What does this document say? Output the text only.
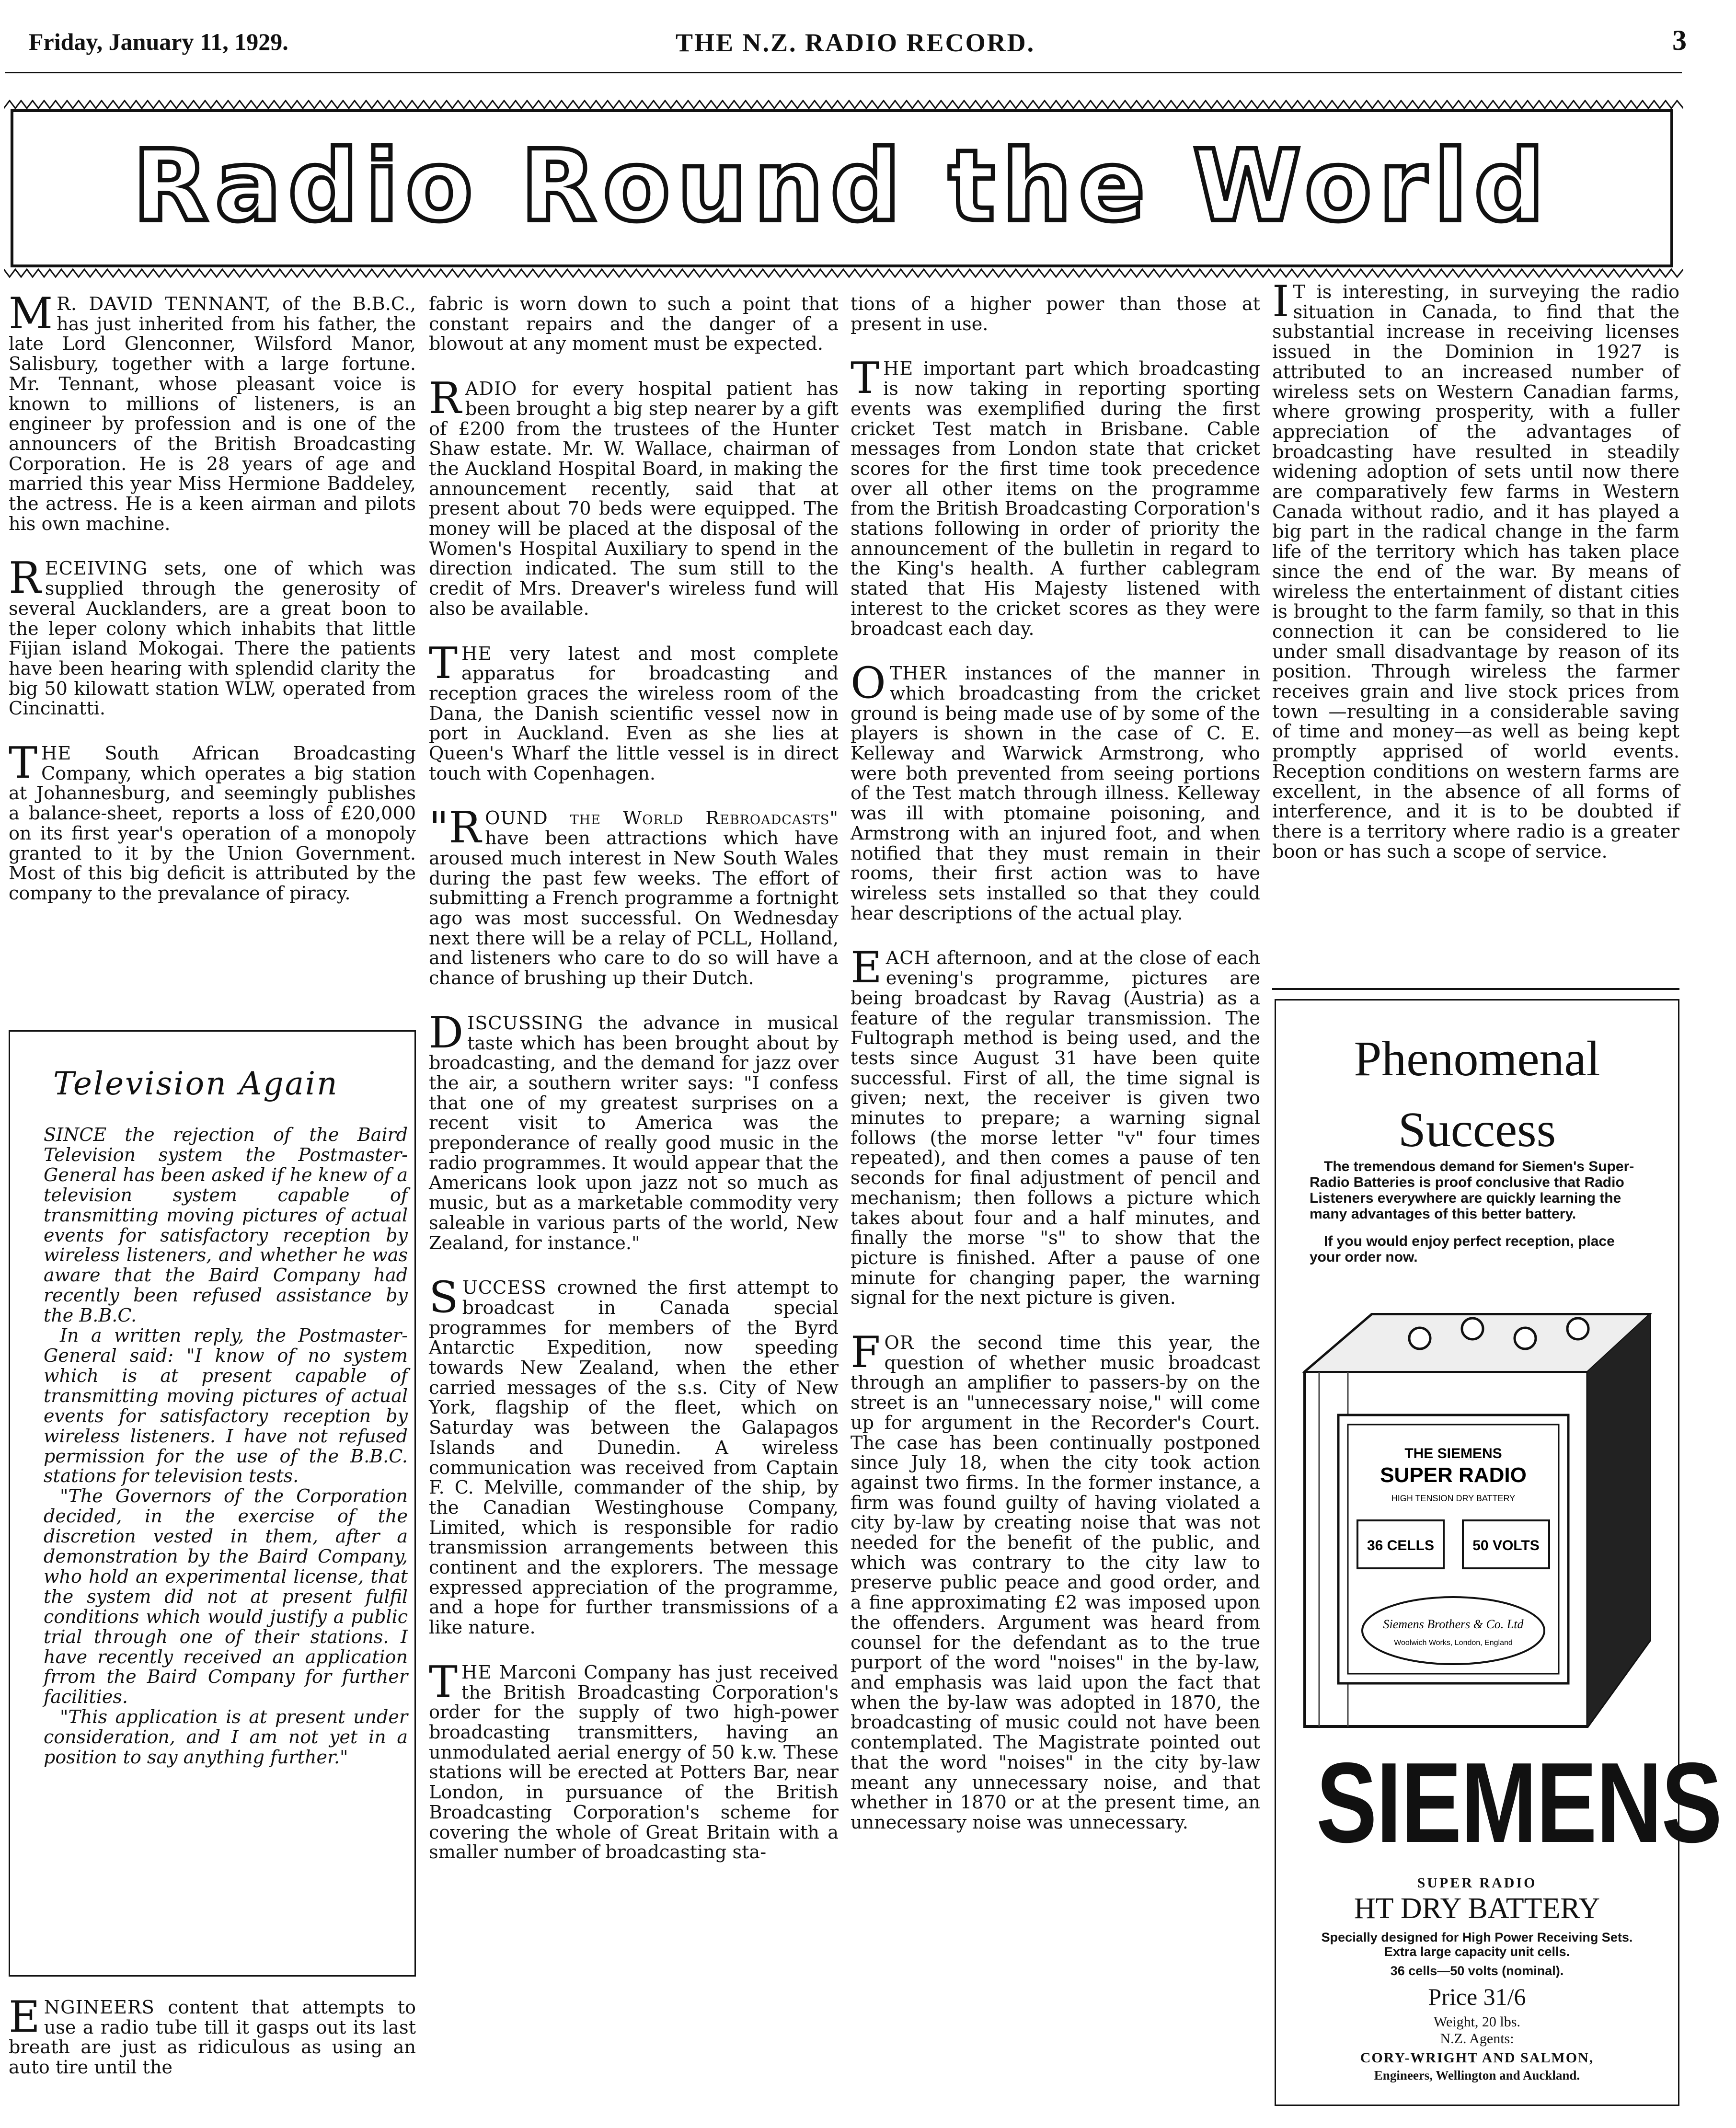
Friday, January 11, 1929.	THE N.Z. RADIO RECORD.	3
Radio Round the World

M R. DAVID TENNANT, of the B.B.C., has just inherited from his father, the late Lord Glenconner, Wilsford Manor, Salisbury, together with a large fortune. Mr. Tennant, whose pleasant voice is known to millions of listeners, is an engineer by profession and is one of the announcers of the British Broadcasting Corporation. He is 28 years of age and married this year Miss Hermione Baddeley, the actress. He is a keen airman and pilots his own machine.

RECEIVING sets, one of which was supplied through the generosity of several Aucklanders, are a great boon to the leper colony which inhabits that little Fijian island Mokogai. There the patients have been hearing with splendid clarity the big 50 kilowatt station WLW, operated from Cincinatti.

THE South African Broadcasting Company, which operates a big station at Johannesburg, and seemingly publishes a balance-sheet, reports a loss of £20,000 on its first year's operation of a monopoly granted to it by the Union Government. Most of this big deficit is attributed by the company to the prevalance of piracy.

Television Again

SINCE the rejection of the Baird Television system the Postmaster-General has been asked if he knew of a television system capable of transmitting moving pictures of actual events for satisfactory reception by wireless listeners, and whether he was aware that the Baird Company had recently been refused assistance by the B.B.C.

In a written reply, the Postmaster-General said: "I know of no system which is at present capable of transmitting moving pictures of actual events for satisfactory reception by wireless listeners. I have not refused permission for the use of the B.B.C. stations for television tests.

"The Governors of the Corporation decided, in the exercise of the discretion vested in them, after a demonstration by the Baird Company, who hold an experimental license, that the system did not at present fulfil conditions which would justify a public trial through one of their stations. I have recently received an application frrom the Baird Company for further facilities.

"This application is at present under consideration, and I am not yet in a position to say anything further."

ENGINEERS content that attempts to use a radio tube till it gasps out its last breath are just as ridiculous as using an auto tire until the

fabric is worn down to such a point that constant repairs and the danger of a blowout at any moment must be expected.

RADIO for every hospital patient has been brought a big step nearer by a gift of £200 from the trustees of the Hunter Shaw estate. Mr. W. Wallace, chairman of the Auckland Hospital Board, in making the announcement recently, said that at present about 70 beds were equipped. The money will be placed at the disposal of the Women's Hospital Auxiliary to spend in the direction indicated. The sum still to the credit of Mrs. Dreaver's wireless fund will also be available.

THE very latest and most complete apparatus for broadcasting and reception graces the wireless room of the Dana, the Danish scientific vessel now in port in Auckland. Even as she lies at Queen's Wharf the little vessel is in direct touch with Copenhagen.

"ROUND the World Rebroadcasts" have been attractions which have aroused much interest in New South Wales during the past few weeks. The effort of submitting a French programme a fortnight ago was most successful. On Wednesday next there will be a relay of PCLL, Holland, and listeners who care to do so will have a chance of brushing up their Dutch.

DISCUSSING the advance in musical taste which has been brought about by broadcasting, and the demand for jazz over the air, a southern writer says: "I confess that one of my greatest surprises on a recent visit to America was the preponderance of really good music in the radio programmes. It would appear that the Americans look upon jazz not so much as music, but as a marketable commodity very saleable in various parts of the world, New Zealand, for instance."

SUCCESS crowned the first attempt to broadcast in Canada special programmes for members of the Byrd Antarctic Expedition, now speeding towards New Zealand, when the ether carried messages of the s.s. City of New York, flagship of the fleet, which on Saturday was between the Galapagos Islands and Dunedin. A wireless communication was received from Captain F. C. Melville, commander of the ship, by the Canadian Westinghouse Company, Limited, which is responsible for radio transmission arrangements between this continent and the explorers. The message expressed appreciation of the programme, and a hope for further transmissions of a like nature.

THE Marconi Company has just received the British Broadcasting Corporation's order for the supply of two high-power broadcasting transmitters, having an unmodulated aerial energy of 50 k.w. These stations will be erected at Potters Bar, near London, in pursuance of the British Broadcasting Corporation's scheme for covering the whole of Great Britain with a smaller number of broadcasting sta-

tions of a higher power than those at present in use.

THE important part which broadcasting is now taking in reporting sporting events was exemplified during the first cricket Test match in Brisbane. Cable messages from London state that cricket scores for the first time took precedence over all other items on the programme from the British Broadcasting Corporation's stations following in order of priority the announcement of the bulletin in regard to the King's health. A further cablegram stated that His Majesty listened with interest to the cricket scores as they were broadcast each day.

OTHER instances of the manner in which broadcasting from the cricket ground is being made use of by some of the players is shown in the case of C. E. Kelleway and Warwick Armstrong, who were both prevented from seeing portions of the Test match through illness. Kelleway was ill with ptomaine poisoning, and Armstrong with an injured foot, and when notified that they must remain in their rooms, their first action was to have wireless sets installed so that they could hear descriptions of the actual play.

EACH afternoon, and at the close of each evening's programme, pictures are being broadcast by Ravag (Austria) as a feature of the regular transmission. The Fultograph method is being used, and the tests since August 31 have been quite successful. First of all, the time signal is given; next, the receiver is given two minutes to prepare; a warning signal follows (the morse letter "v" four times repeated), and then comes a pause of ten seconds for final adjustment of pencil and mechanism; then follows a picture which takes about four and a half minutes, and finally the morse "s" to show that the picture is finished. After a pause of one minute for changing paper, the warning signal for the next picture is given.

FOR the second time this year, the question of whether music broadcast through an amplifier to passers-by on the street is an "unnecessary noise," will come up for argument in the Recorder's Court. The case has been continually postponed since July 18, when the city took action against two firms. In the former instance, a firm was found guilty of having violated a city by-law by creating noise that was not needed for the benefit of the public, and which was contrary to the city law to preserve public peace and good order, and a fine approximating £2 was imposed upon the offenders. Argument was heard from counsel for the defendant as to the true purport of the word "noises" in the by-law, and emphasis was laid upon the fact that when the by-law was adopted in 1870, the broadcasting of music could not have been contemplated. The Magistrate pointed out that the word "noises" in the city by-law meant any unnecessary noise, and that whether in 1870 or at the present time, an unnecessary noise was unnecessary.

I T is interesting, in surveying the radio situation in Canada, to find that the substantial increase in receiving licenses issued in the Dominion in 1927 is attributed to an increased number of wireless sets on Western Canadian farms, where growing prosperity, with a fuller appreciation of the advantages of broadcasting have resulted in steadily widening adoption of sets until now there are comparatively few farms in Western Canada without radio, and it has played a big part in the radical change in the farm life of the territory which has taken place since the end of the war. By means of wireless the entertainment of distant cities is brought to the farm family, so that in this connection it can be considered to lie under small disadvantage by reason of its position. Through wireless the farmer receives grain and live stock prices from town —resulting in a considerable saving of time and money—as well as being kept promptly apprised of world events. Reception conditions on western farms are excellent, in the absence of all forms of interference, and it is to be doubted if there is a territory where radio is a greater boon or has such a scope of service.

Phenomenal
Success

The tremendous demand for Siemen's Super-Radio Batteries is proof conclusive that Radio Listeners everywhere are quickly learning the many advantages of this better battery.

If you would enjoy perfect reception, place your order now.

THE SIEMENS
SUPER RADIO
HIGH TENSION DRY BATTERY
36 CELLS	50 VOLTS
Siemens Brothers & Co. Ltd
Woolwich Works, London, England
SIEMENS
SUPER RADIO
HT DRY BATTERY
Specially designed for High Power Receiving Sets. Extra large capacity unit cells.
36 cells—50 volts (nominal).
Price 31/6
Weight, 20 lbs.
N.Z. Agents:
CORY-WRIGHT AND SALMON,
Engineers, Wellington and Auckland.
